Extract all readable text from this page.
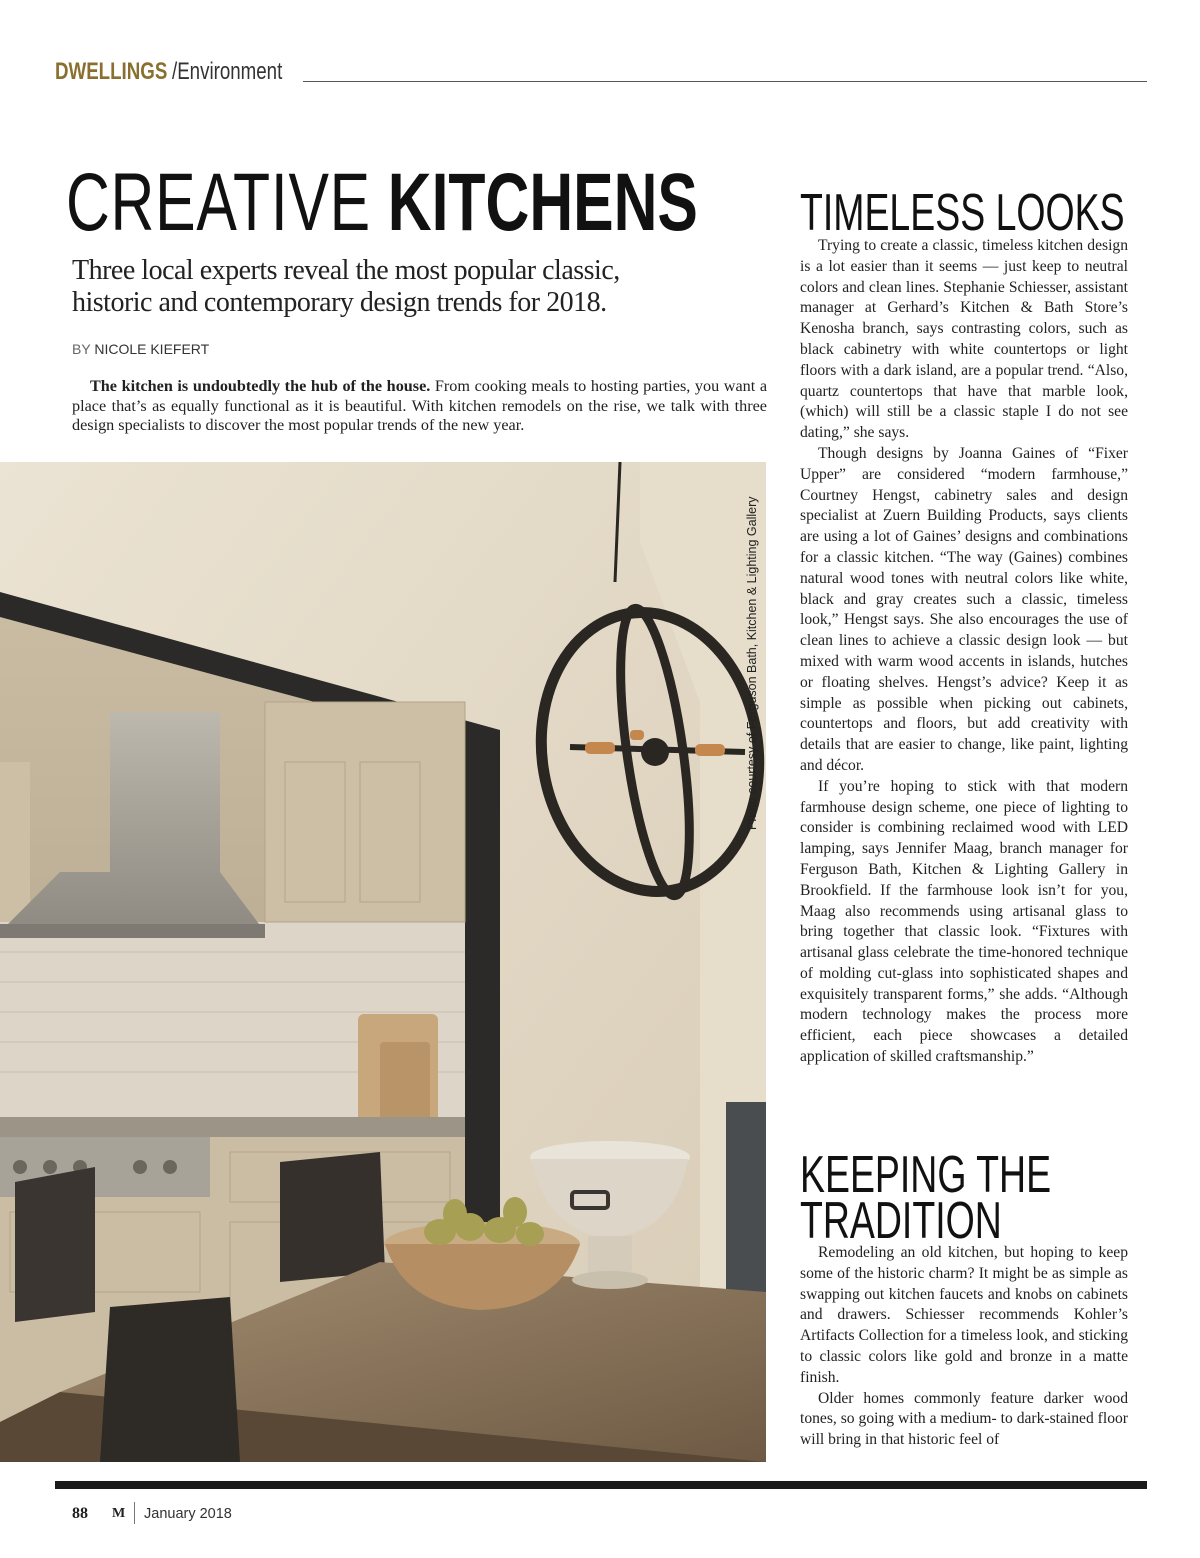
DWELLINGS /Environment
CREATIVE KITCHENS
Three local experts reveal the most popular classic,
historic and contemporary design trends for 2018.
BY NICOLE KIEFERT
The kitchen is undoubtedly the hub of the house. From cooking meals to hosting parties, you want a place that’s as equally functional as it is beautiful. With kitchen remodels on the rise, we talk with three design specialists to discover the most popular trends of the new year.
Photo courtesy of Ferguson Bath, Kitchen & Lighting Gallery
TIMELESS LOOKS

Trying to create a classic, timeless kitchen design is a lot easier than it seems — just keep to neutral colors and clean lines. Stephanie Schiesser, assistant manager at Gerhard’s Kitchen & Bath Store’s Kenosha branch, says contrasting colors, such as black cabinetry with white countertops or light floors with a dark island, are a popular trend. “Also, quartz countertops that have that marble look, (which) will still be a classic staple I do not see dating,” she says.

Though designs by Joanna Gaines of “Fixer Upper” are considered “modern farmhouse,” Courtney Hengst, cabinetry sales and design specialist at Zuern Building Products, says clients are using a lot of Gaines’ designs and combinations for a classic kitchen. “The way (Gaines) combines natural wood tones with neutral colors like white, black and gray creates such a classic, timeless look,” Hengst says. She also encourages the use of clean lines to achieve a classic design look — but mixed with warm wood accents in islands, hutches or floating shelves. Hengst’s advice? Keep it as simple as possible when picking out cabinets, countertops and floors, but add creativity with details that are easier to change, like paint, lighting and décor.

If you’re hoping to stick with that modern farmhouse design scheme, one piece of lighting to consider is combining reclaimed wood with LED lamping, says Jennifer Maag, branch manager for Ferguson Bath, Kitchen & Lighting Gallery in Brookfield. If the farmhouse look isn’t for you, Maag also recommends using artisanal glass to bring together that classic look. “Fixtures with artisanal glass celebrate the time-honored technique of molding cut-glass into sophisticated shapes and exquisitely transparent forms,” she adds. “Although modern technology makes the process more efficient, each piece showcases a detailed application of skilled craftsmanship.”

KEEPING THE
TRADITION

Remodeling an old kitchen, but hoping to keep some of the historic charm? It might be as simple as swapping out kitchen faucets and knobs on cabinets and drawers. Schiesser recommends Kohler’s Artifacts Collection for a timeless look, and sticking to classic colors like gold and bronze in a matte finish.

Older homes commonly feature darker wood tones, so going with a medium- to dark-stained floor will bring in that historic feel of

88 M January 2018
